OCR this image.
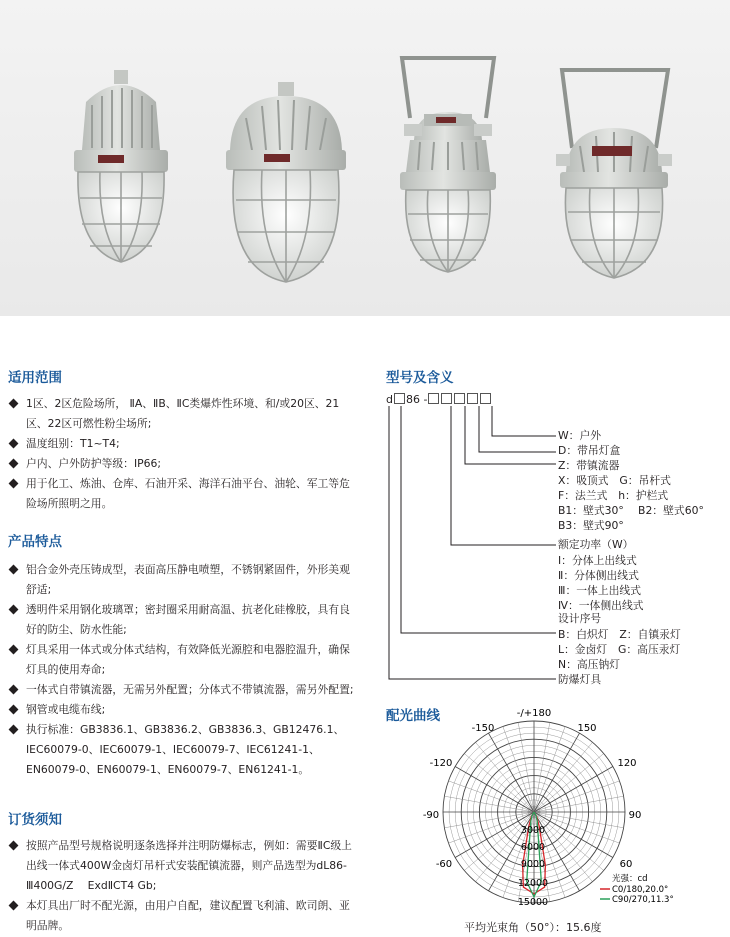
适用范围
1区、2区危险场所， ⅡA、ⅡB、ⅡC类爆炸性环境、和/或20区、21区、22区可燃性粉尘场所;
温度组别：T1~T4;
户内、户外防护等级：IP66;
用于化工、炼油、仓库、石油开采、海洋石油平台、油轮、军工等危险场所照明之用。
产品特点
铝合金外壳压铸成型，表面高压静电喷塑，不锈钢紧固件，外形美观舒适;
透明件采用钢化玻璃罩；密封圈采用耐高温、抗老化硅橡胶，具有良好的防尘、防水性能;
灯具采用一体式或分体式结构，有效降低光源腔和电器腔温升，确保灯具的使用寿命;
一体式自带镇流器，无需另外配置；分体式不带镇流器，需另外配置;
钢管或电缆布线;
执行标准：GB3836.1、GB3836.2、GB3836.3、GB12476.1、IEC60079-0、IEC60079-1、IEC60079-7、IEC61241-1、EN60079-0、EN60079-1、EN60079-7、EN61241-1。
订货须知
按照产品型号规格说明逐条选择并注明防爆标志，例如：需要ⅡC级上出线一体式400W金卤灯吊杆式安装配镇流器，则产品选型为dL86-Ⅲ400G/Z　 ExdⅡCT4 Gb;
本灯具出厂时不配光源，由用户自配，建议配置飞利浦、欧司朗、亚明品牌。
型号及含义
d 86 -
W：户外
D：带吊灯盒
Z：带镇流器
X：吸顶式　G：吊杆式
F：法兰式　h：护栏式
B1：壁式30°　 B2：壁式60°
B3：壁式90°
额定功率（W）
Ⅰ：分体上出线式
Ⅱ：分体侧出线式
Ⅲ：一体上出线式
Ⅳ：一体侧出线式
设计序号
B：白炽灯　Z：自镇汞灯
L：金卤灯　G：高压汞灯
N：高压钠灯
防爆灯具
配光曲线	-/+180
150
-150
-120	120
-90	90
-60	60
3000
6000
9000
12000
15000
光强：cd
C0/180,20.0°
C90/270,11.3°
平均光束角（50°）：15.6度
